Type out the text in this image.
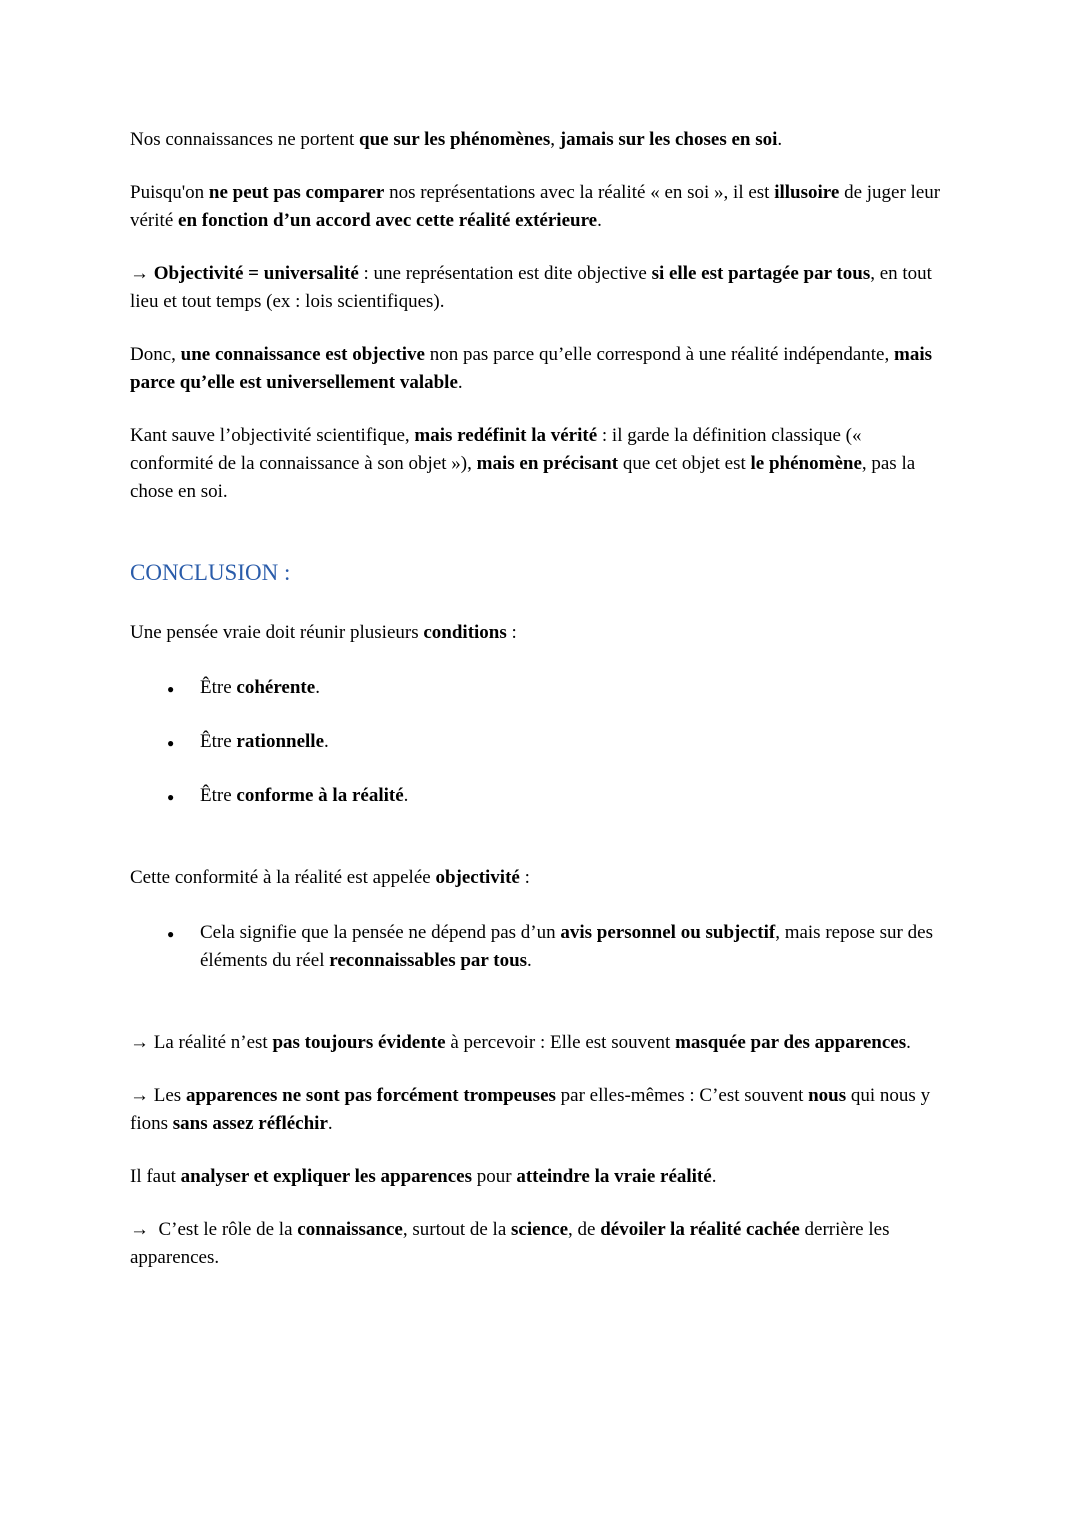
Nos connaissances ne portent que sur les phénomènes, jamais sur les choses en soi.

Puisqu'on ne peut pas comparer nos représentations avec la réalité « en soi », il est illusoire de juger leur vérité en fonction d’un accord avec cette réalité extérieure.

→ Objectivité = universalité : une représentation est dite objective si elle est partagée par tous, en tout lieu et tout temps (ex : lois scientifiques).

Donc, une connaissance est objective non pas parce qu’elle correspond à une réalité indépendante, mais parce qu’elle est universellement valable.

Kant sauve l’objectivité scientifique, mais redéfinit la vérité : il garde la définition classique (« conformité de la connaissance à son objet »), mais en précisant que cet objet est le phénomène, pas la chose en soi.

CONCLUSION :

Une pensée vraie doit réunir plusieurs conditions :

● Être cohérente.
● Être rationnelle.
● Être conforme à la réalité.

Cette conformité à la réalité est appelée objectivité :

● Cela signifie que la pensée ne dépend pas d’un avis personnel ou subjectif, mais repose sur des éléments du réel reconnaissables par tous.

→ La réalité n’est pas toujours évidente à percevoir : Elle est souvent masquée par des apparences.

→ Les apparences ne sont pas forcément trompeuses par elles-mêmes : C’est souvent nous qui nous y fions sans assez réfléchir.

Il faut analyser et expliquer les apparences pour atteindre la vraie réalité.

→  C’est le rôle de la connaissance, surtout de la science, de dévoiler la réalité cachée derrière les apparences.
